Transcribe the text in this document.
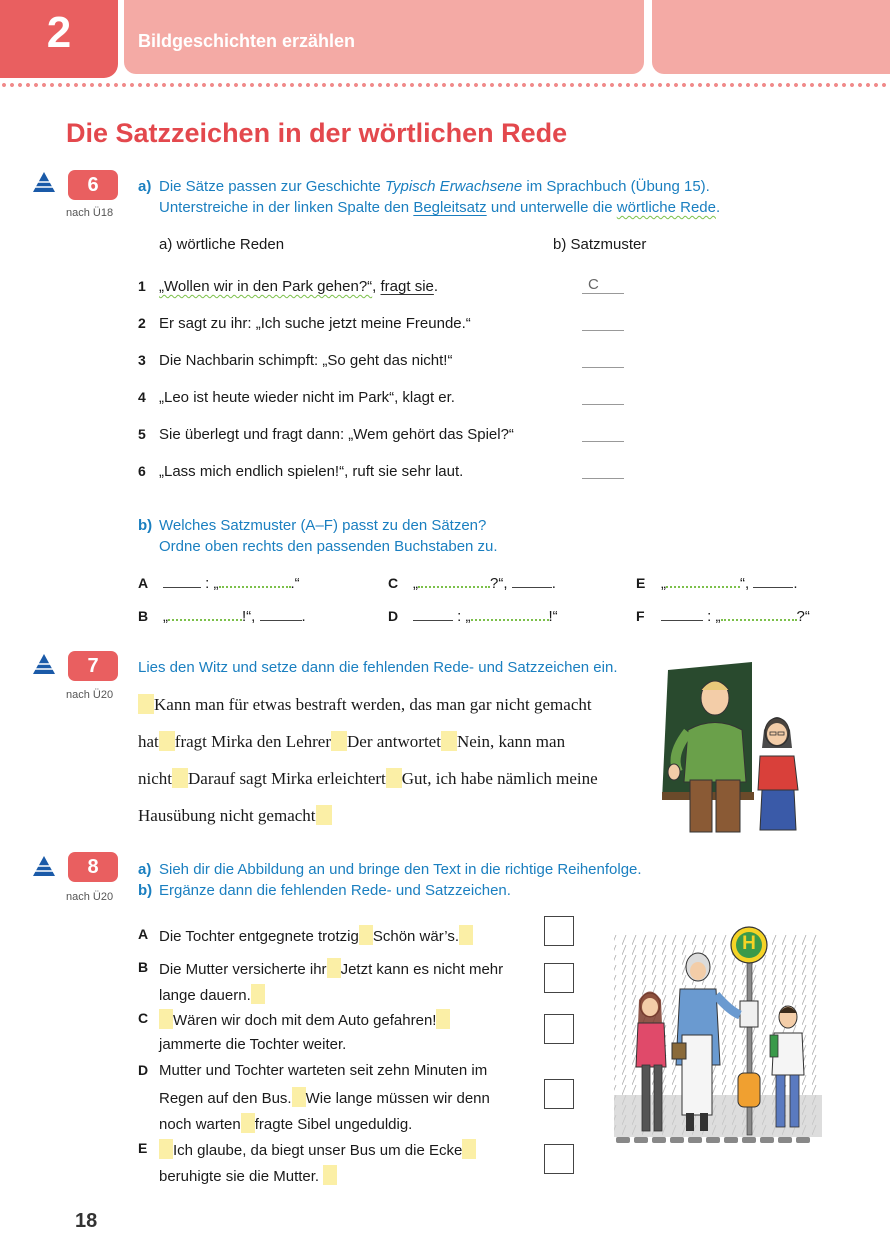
2	Bildgeschichten erzählen
Die Satzzeichen in der wörtlichen Rede
6
nach Ü18
a) Die Sätze passen zur Geschichte Typisch Erwachsene im Sprachbuch (Übung 15).
Unterstreiche in der linken Spalte den Begleitsatz und unterwelle die wörtliche Rede.
a) wörtliche Reden	b) Satzmuster
1 „Wollen wir in den Park gehen?“, fragt sie.	C
2 Er sagt zu ihr: „Ich suche jetzt meine Freunde.“
3 Die Nachbarin schimpft: „So geht das nicht!“
4 „Leo ist heute wieder nicht im Park“, klagt er.
5 Sie überlegt und fragt dann: „Wem gehört das Spiel?“
6 „Lass mich endlich spielen!“, ruft sie sehr laut.
b) Welches Satzmuster (A–F) passt zu den Sätzen?
Ordne oben rechts den passenden Buchstaben zu.
A	: „	.“	C „	?“,	.	E „	“,	.
B „	!“,	.	D	: „	!“	F	: „	?“
7
nach Ü20
Lies den Witz und setze dann die fehlenden Rede- und Satzzeichen ein.
Kann man für etwas bestraft werden, das man gar nicht gemacht
hat fragt Mirka den Lehrer Der antwortet Nein, kann man
nicht Darauf sagt Mirka erleichtert Gut, ich habe nämlich meine
Hausübung nicht gemacht
8
nach Ü20
a) Sieh dir die Abbildung an und bringe den Text in die richtige Reihenfolge.
b) Ergänze dann die fehlenden Rede- und Satzzeichen.
A Die Tochter entgegnete trotzig Schön wär’s.
B Die Mutter versicherte ihr Jetzt kann es nicht mehr
lange dauern.
C	Wären wir doch mit dem Auto gefahren!
jammerte die Tochter weiter.
D Mutter und Tochter warteten seit zehn Minuten im
Regen auf den Bus. Wie lange müssen wir denn
noch warten fragte Sibel ungeduldig.
E	Ich glaube, da biegt unser Bus um die Ecke
beruhigte sie die Mutter.
H
18
